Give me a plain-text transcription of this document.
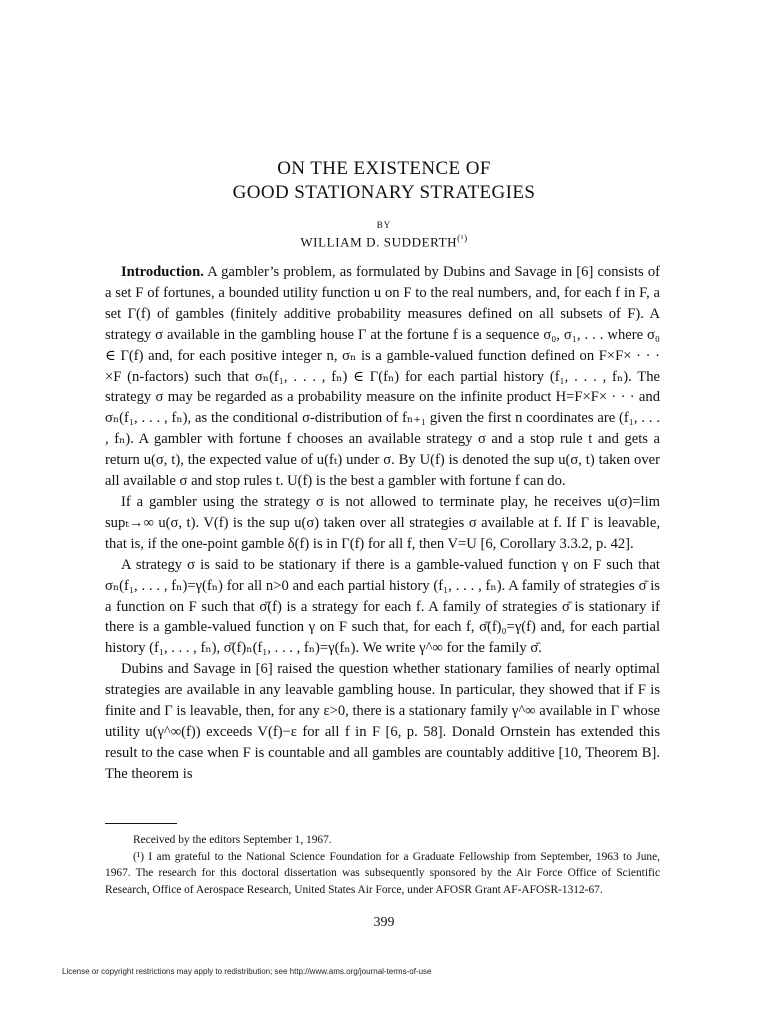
ON THE EXISTENCE OF
GOOD STATIONARY STRATEGIES
BY
WILLIAM D. $SUDDERTH^{(^1)}$

Introduction. A gambler’s problem, as formulated by Dubins and Savage in [6] consists of a set F of fortunes, a bounded utility function u on F to the real numbers, and, for each f in F, a set Γ(f) of gambles (finitely additive probability measures defined on all subsets of F). A strategy σ available in the gambling house Γ at the fortune f is a sequence σ₀, σ₁, . . . where σ₀ ∈ Γ(f) and, for each positive integer n, σₙ is a gamble-valued function defined on F×F× · · · ×F (n-factors) such that σₙ(f₁, . . . , fₙ) ∈ Γ(fₙ) for each partial history (f₁, . . . , fₙ). The strategy σ may be regarded as a probability measure on the infinite product H=F×F× · · · and σₙ(f₁, . . . , fₙ), as the conditional σ-distribution of fₙ₊₁ given the first n coordinates are (f₁, . . . , fₙ). A gambler with fortune f chooses an available strategy σ and a stop rule t and gets a return u(σ, t), the expected value of u(fₜ) under σ. By U(f) is denoted the sup u(σ, t) taken over all available σ and stop rules t. U(f) is the best a gambler with fortune f can do.

If a gambler using the strategy σ is not allowed to terminate play, he receives u(σ)=lim supₜ→∞ u(σ, t). V(f) is the sup u(σ) taken over all strategies σ available at f. If Γ is leavable, that is, if the one-point gamble δ(f) is in Γ(f) for all f, then V=U [6, Corollary 3.3.2, p. 42].

A strategy σ is said to be stationary if there is a gamble-valued function γ on F such that σₙ(f₁, . . . , fₙ)=γ(fₙ) for all n>0 and each partial history (f₁, . . . , fₙ). A family of strategies σ̄ is a function on F such that σ̄(f) is a strategy for each f. A family of strategies σ̄ is stationary if there is a gamble-valued function γ on F such that, for each f, σ̄(f)₀=γ(f) and, for each partial history (f₁, . . . , fₙ), σ̄(f)ₙ(f₁, . . . , fₙ)=γ(fₙ). We write γ^∞ for the family σ̄.

Dubins and Savage in [6] raised the question whether stationary families of nearly optimal strategies are available in any leavable gambling house. In particular, they showed that if F is finite and Γ is leavable, then, for any ε>0, there is a stationary family γ^∞ available in Γ whose utility u(γ^∞(f)) exceeds V(f)−ε for all f in F [6, p. 58]. Donald Ornstein has extended this result to the case when F is countable and all gambles are countably additive [10, Theorem B]. The theorem is

Received by the editors September 1, 1967.

(¹) I am grateful to the National Science Foundation for a Graduate Fellowship from September, 1963 to June, 1967. The research for this doctoral dissertation was subsequently sponsored by the Air Force Office of Scientific Research, Office of Aerospace Research, United States Air Force, under AFOSR Grant AF-AFOSR-1312-67.

399
License or copyright restrictions may apply to redistribution; see http://www.ams.org/journal-terms-of-use
